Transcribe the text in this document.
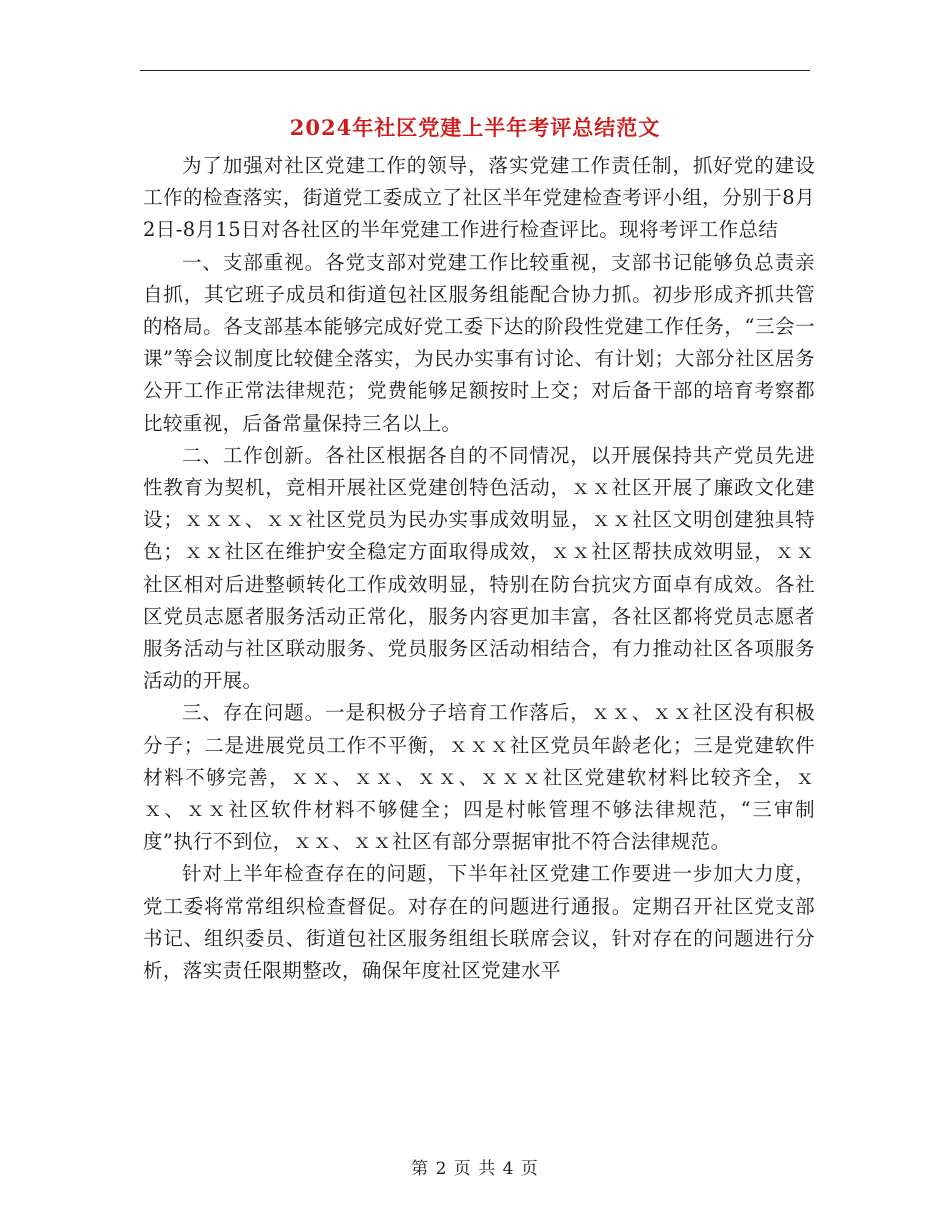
2024年社区党建上半年考评总结范文

为了加强对社区党建工作的领导，落实党建工作责任制，抓好党的建设工作的检查落实，街道党工委成立了社区半年党建检查考评小组，分别于8月2日-8月15日对各社区的半年党建工作进行检查评比。现将考评工作总结

一、支部重视。各党支部对党建工作比较重视，支部书记能够负总责亲自抓，其它班子成员和街道包社区服务组能配合协力抓。初步形成齐抓共管的格局。各支部基本能够完成好党工委下达的阶段性党建工作任务，“三会一课”等会议制度比较健全落实，为民办实事有讨论、有计划；大部分社区居务公开工作正常法律规范；党费能够足额按时上交；对后备干部的培育考察都比较重视，后备常量保持三名以上。

二、工作创新。各社区根据各自的不同情况，以开展保持共产党员先进性教育为契机，竞相开展社区党建创特色活动，ｘｘ社区开展了廉政文化建设；ｘｘｘ、ｘｘ社区党员为民办实事成效明显，ｘｘ社区文明创建独具特色；ｘｘ社区在维护安全稳定方面取得成效，ｘｘ社区帮扶成效明显，ｘｘ社区相对后进整顿转化工作成效明显，特别在防台抗灾方面卓有成效。各社区党员志愿者服务活动正常化，服务内容更加丰富，各社区都将党员志愿者服务活动与社区联动服务、党员服务区活动相结合，有力推动社区各项服务活动的开展。

三、存在问题。一是积极分子培育工作落后，ｘｘ、ｘｘ社区没有积极分子；二是进展党员工作不平衡，ｘｘｘ社区党员年龄老化；三是党建软件材料不够完善，ｘｘ、ｘｘ、ｘｘ、ｘｘｘ社区党建软材料比较齐全，ｘｘ、ｘｘ社区软件材料不够健全；四是村帐管理不够法律规范，“三审制度”执行不到位，ｘｘ、ｘｘ社区有部分票据审批不符合法律规范。

针对上半年检查存在的问题，下半年社区党建工作要进一步加大力度，党工委将常常组织检查督促。对存在的问题进行通报。定期召开社区党支部书记、组织委员、街道包社区服务组组长联席会议，针对存在的问题进行分析，落实责任限期整改，确保年度社区党建水平

第 2 页 共 4 页
